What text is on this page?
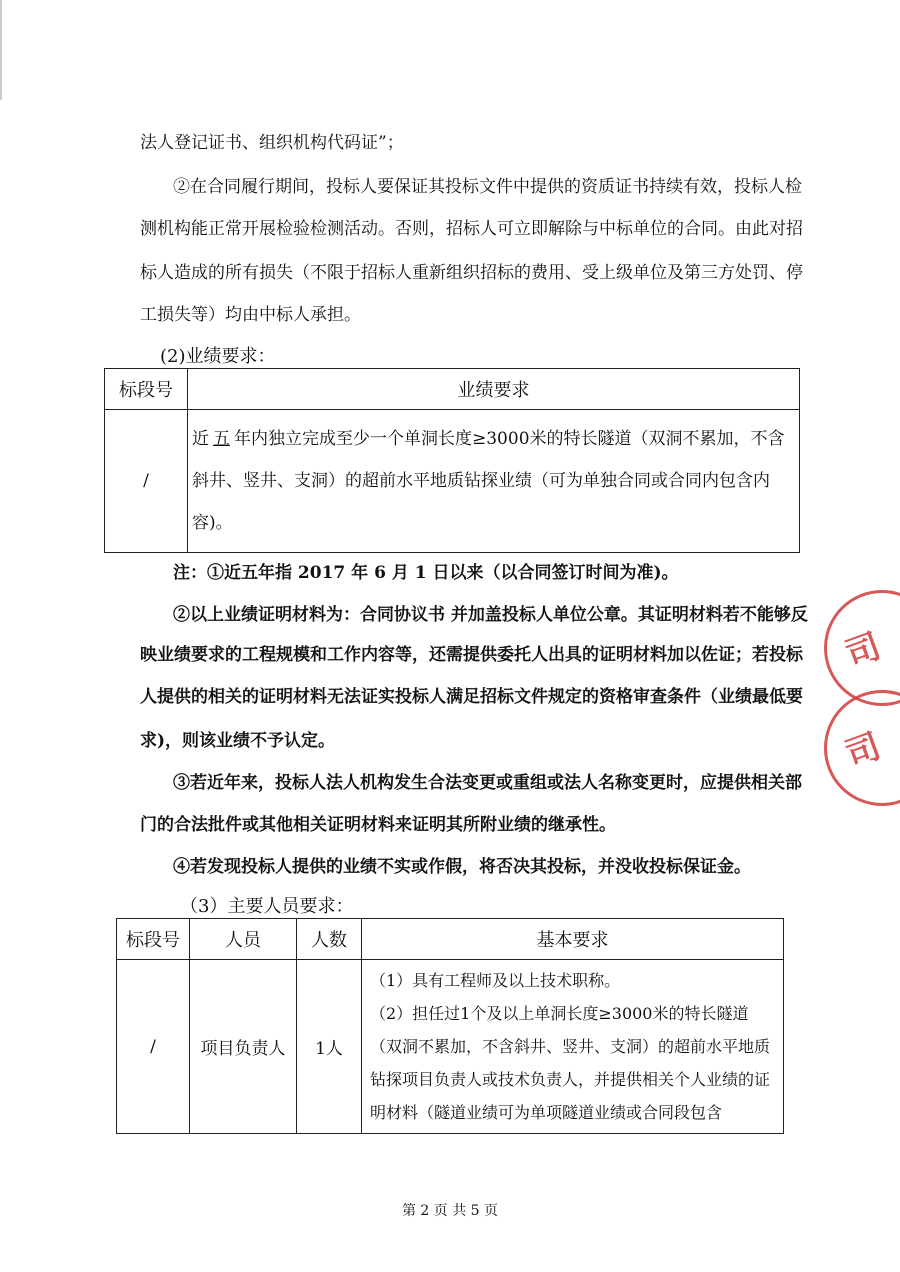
法人登记证书、组织机构代码证”；
②在合同履行期间，投标人要保证其投标文件中提供的资质证书持续有效，投标人检
测机构能正常开展检验检测活动。否则，招标人可立即解除与中标单位的合同。由此对招
标人造成的所有损失（不限于招标人重新组织招标的费用、受上级单位及第三方处罚、停
工损失等）均由中标人承担。
(2)业绩要求：
标段号	业绩要求
/	近 五 年内独立完成至少一个单洞长度≥3000米的特长隧道（双洞不累加，不含斜井、竖井、支洞）的超前水平地质钻探业绩（可为单独合同或合同内包含内容)。
注：①近五年指 2017 年 6 月 1 日以来（以合同签订时间为准)。
②以上业绩证明材料为：合同协议书 并加盖投标人单位公章。其证明材料若不能够反
映业绩要求的工程规模和工作内容等，还需提供委托人出具的证明材料加以佐证；若投标
人提供的相关的证明材料无法证实投标人满足招标文件规定的资格审查条件（业绩最低要
求)，则该业绩不予认定。
③若近年来，投标人法人机构发生合法变更或重组或法人名称变更时，应提供相关部
门的合法批件或其他相关证明材料来证明其所附业绩的继承性。
④若发现投标人提供的业绩不实或作假，将否决其投标，并没收投标保证金。
（3）主要人员要求：
标段号	人员	人数	基本要求
/	项目负责人	1人	（1）具有工程师及以上技术职称。
（2）担任过1个及以上单洞长度≥3000米的特长隧道（双洞不累加，不含斜井、竖井、支洞）的超前水平地质钻探项目负责人或技术负责人，并提供相关个人业绩的证明材料（隧道业绩可为单项隧道业绩或合同段包含
司
司
第 2 页 共 5 页
